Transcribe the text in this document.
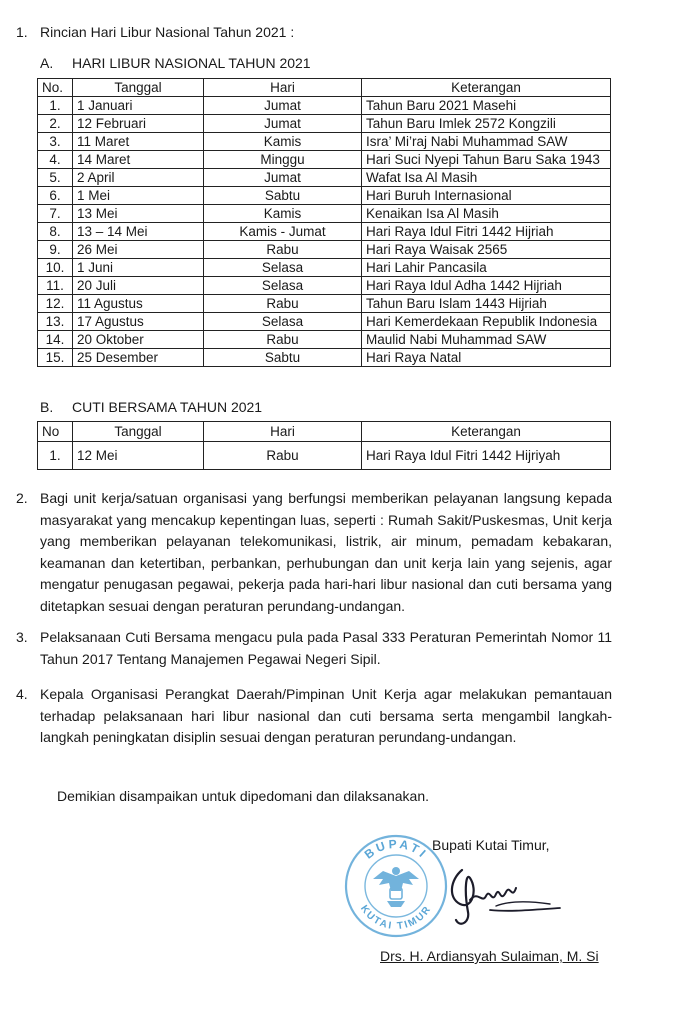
1. Rincian Hari Libur Nasional Tahun 2021 :
A. HARI LIBUR NASIONAL TAHUN 2021
No.	Tanggal	Hari	Keterangan
1.	1 Januari	Jumat	Tahun Baru 2021 Masehi
2.	12 Februari	Jumat	Tahun Baru Imlek 2572 Kongzili
3.	11 Maret	Kamis	Isra’ Mi’raj Nabi Muhammad SAW
4.	14 Maret	Minggu	Hari Suci Nyepi Tahun Baru Saka 1943
5.	2 April	Jumat	Wafat Isa Al Masih
6.	1 Mei	Sabtu	Hari Buruh Internasional
7.	13 Mei	Kamis	Kenaikan Isa Al Masih
8.	13 – 14 Mei	Kamis - Jumat	Hari Raya Idul Fitri 1442 Hijriah
9.	26 Mei	Rabu	Hari Raya Waisak 2565
10.	1 Juni	Selasa	Hari Lahir Pancasila
11.	20 Juli	Selasa	Hari Raya Idul Adha 1442 Hijriah
12.	11 Agustus	Rabu	Tahun Baru Islam 1443 Hijriah
13.	17 Agustus	Selasa	Hari Kemerdekaan Republik Indonesia
14.	20 Oktober	Rabu	Maulid Nabi Muhammad SAW
15.	25 Desember	Sabtu	Hari Raya Natal
B. CUTI BERSAMA TAHUN 2021
No	Tanggal	Hari	Keterangan
1.	12 Mei	Rabu	Hari Raya Idul Fitri 1442 Hijriyah
2. Bagi unit kerja/satuan organisasi yang berfungsi memberikan pelayanan langsung kepada masyarakat yang mencakup kepentingan luas, seperti : Rumah Sakit/Puskesmas, Unit kerja yang memberikan pelayanan telekomunikasi, listrik, air minum, pemadam kebakaran, keamanan dan ketertiban, perbankan, perhubungan dan unit kerja lain yang sejenis, agar mengatur penugasan pegawai, pekerja pada hari-hari libur nasional dan cuti bersama yang ditetapkan sesuai dengan peraturan perundang-undangan.
3. Pelaksanaan Cuti Bersama mengacu pula pada Pasal 333 Peraturan Pemerintah Nomor 11 Tahun 2017 Tentang Manajemen Pegawai Negeri Sipil.
4. Kepala Organisasi Perangkat Daerah/Pimpinan Unit Kerja agar melakukan pemantauan terhadap pelaksanaan hari libur nasional dan cuti bersama serta mengambil langkah-langkah peningkatan disiplin sesuai dengan peraturan perundang-undangan.
Demikian disampaikan untuk dipedomani dan dilaksanakan.
BUPATI
KUTAI TIMUR
Bupati Kutai Timur,
Drs. H. Ardiansyah Sulaiman, M. Si
